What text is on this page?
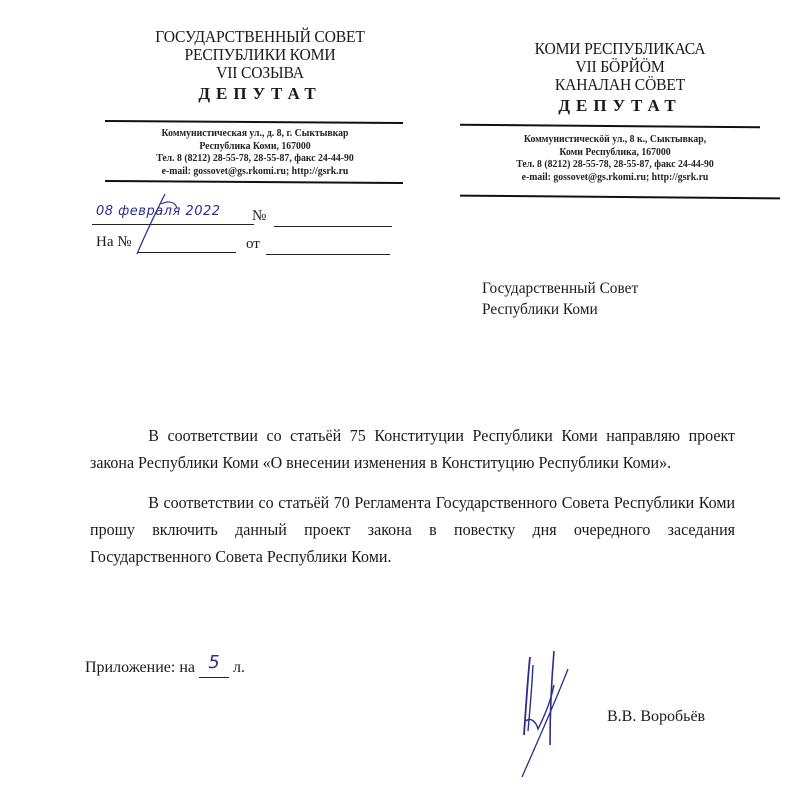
ГОСУДАРСТВЕННЫЙ СОВЕТ
РЕСПУБЛИКИ КОМИ
VII СОЗЫВА
ДЕПУТАТ
Коммунистическая ул., д. 8, г. Сыктывкар
Республика Коми, 167000
Тел. 8 (8212) 28-55-78, 28-55-87, факс 24-44-90
e-mail: gossovet@gs.rkomi.ru; http://gsrk.ru
КОМИ РЕСПУБЛИКАСА
VII БÖРЙÖМ
КАНАЛАН СÖВЕТ
ДЕПУТАТ
Коммунистическöй ул., 8 к., Сыктывкар,
Коми Республика, 167000
Тел. 8 (8212) 28-55-78, 28-55-87, факс 24-44-90
e-mail: gossovet@gs.rkomi.ru; http://gsrk.ru
08 февраля 2022 №
На №	от
Государственный Совет
Республики Коми

В соответствии со статьёй 75 Конституции Республики Коми направляю проект закона Республики Коми «О внесении изменения в Конституцию Республики Коми».

В соответствии со статьёй 70 Регламента Государственного Совета Республики Коми прошу включить данный проект закона в повестку дня очередного заседания Государственного Совета Республики Коми.

Приложение: на 5 л.
В.В. Воробьёв
